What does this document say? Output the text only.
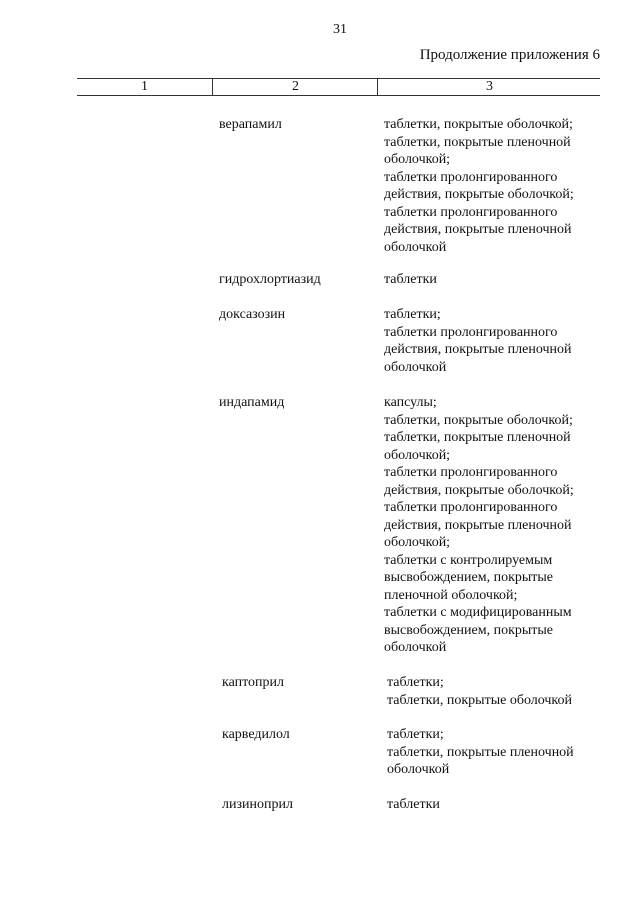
31
Продолжение приложения 6
1	2	3
верапамил	таблетки, покрытые оболочкой;
таблетки, покрытые пленочной
оболочкой;
таблетки пролонгированного
действия, покрытые оболочкой;
таблетки пролонгированного
действия, покрытые пленочной
оболочкой
гидрохлортиазид	таблетки
доксазозин	таблетки;
таблетки пролонгированного
действия, покрытые пленочной
оболочкой
индапамид	капсулы;
таблетки, покрытые оболочкой;
таблетки, покрытые пленочной
оболочкой;
таблетки пролонгированного
действия, покрытые оболочкой;
таблетки пролонгированного
действия, покрытые пленочной
оболочкой;
таблетки с контролируемым
высвобождением, покрытые
пленочной оболочкой;
таблетки с модифицированным
высвобождением, покрытые
оболочкой
каптоприл	таблетки;
таблетки, покрытые оболочкой
карведилол	таблетки;
таблетки, покрытые пленочной
оболочкой
лизиноприл	таблетки
